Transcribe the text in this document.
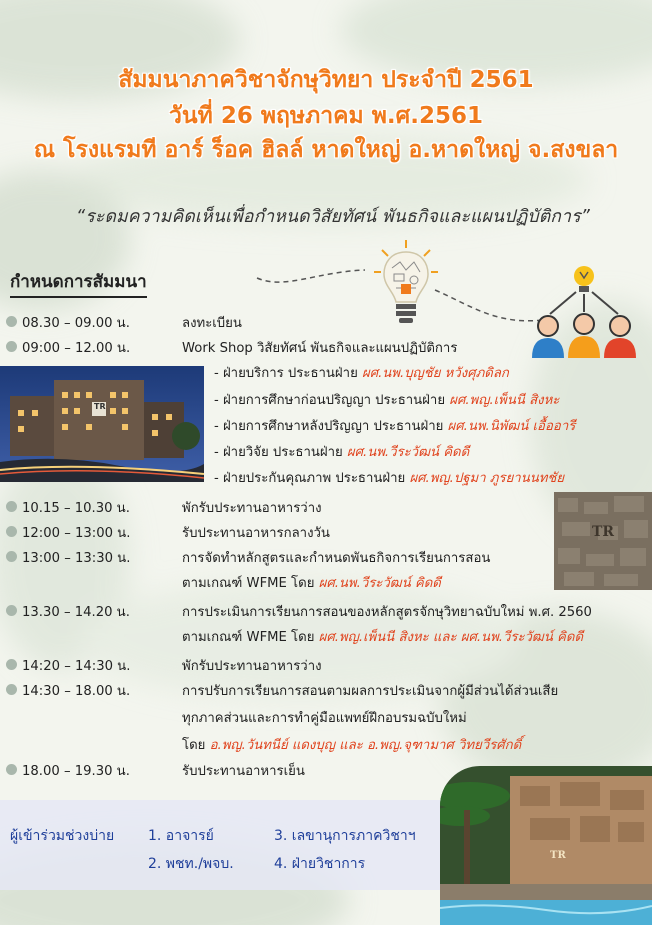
สัมมนาภาควิชาจักษุวิทยา ประจำปี 2561
วันที่ 26 พฤษภาคม พ.ศ.2561
ณ โรงแรมที อาร์ ร็อค ฮิลล์ หาดใหญ่ อ.หาดใหญ่ จ.สงขลา
“ระดมความคิดเห็นเพื่อกำหนดวิสัยทัศน์ พันธกิจและแผนปฏิบัติการ”
กำหนดการสัมมนา
08.30 – 09.00 น.	ลงทะเบียน
09:00 – 12.00 น.	Work Shop วิสัยทัศน์ พันธกิจและแผนปฏิบัติการ
TR
- ฝ่ายบริการ ประธานฝ่าย ผศ.นพ.บุญชัย หวังศุภดิลก
- ฝ่ายการศึกษาก่อนปริญญา ประธานฝ่าย ผศ.พญ.เพ็นนี สิงหะ
- ฝ่ายการศึกษาหลังปริญญา ประธานฝ่าย ผศ.นพ.นิพัฒน์ เอื้ออารี
- ฝ่ายวิจัย ประธานฝ่าย ผศ.นพ.วีระวัฒน์ คิดดี
- ฝ่ายประกันคุณภาพ ประธานฝ่าย ผศ.พญ.ปฐมา ภูรยานนทชัย
TR
10.15 – 10.30 น.	พักรับประทานอาหารว่าง
12:00 – 13:00 น.	รับประทานอาหารกลางวัน
13:00 – 13:30 น.	การจัดทำหลักสูตรและกำหนดพันธกิจการเรียนการสอน
ตามเกณฑ์ WFME โดย ผศ.นพ.วีระวัฒน์ คิดดี
13.30 – 14.20 น.	การประเมินการเรียนการสอนของหลักสูตรจักษุวิทยาฉบับใหม่ พ.ศ. 2560
ตามเกณฑ์ WFME โดย ผศ.พญ.เพ็นนี สิงหะ และ ผศ.นพ.วีระวัฒน์ คิดดี
14:20 – 14:30 น.	พักรับประทานอาหารว่าง
14:30 – 18.00 น.	การปรับการเรียนการสอนตามผลการประเมินจากผู้มีส่วนได้ส่วนเสีย
ทุกภาคส่วนและการทำคู่มือแพทย์ฝึกอบรมฉบับใหม่
โดย อ.พญ.วันทนีย์ แดงบุญ และ อ.พญ.จุฑามาศ วิทยวีรศักดิ์
18.00 – 19.30 น.	รับประทานอาหารเย็น
TR
ผู้เข้าร่วมช่วงบ่าย 1. อาจารย์
2. พชท./พจบ.
3. เลขานุการภาควิชาฯ
4. ฝ่ายวิชาการ
